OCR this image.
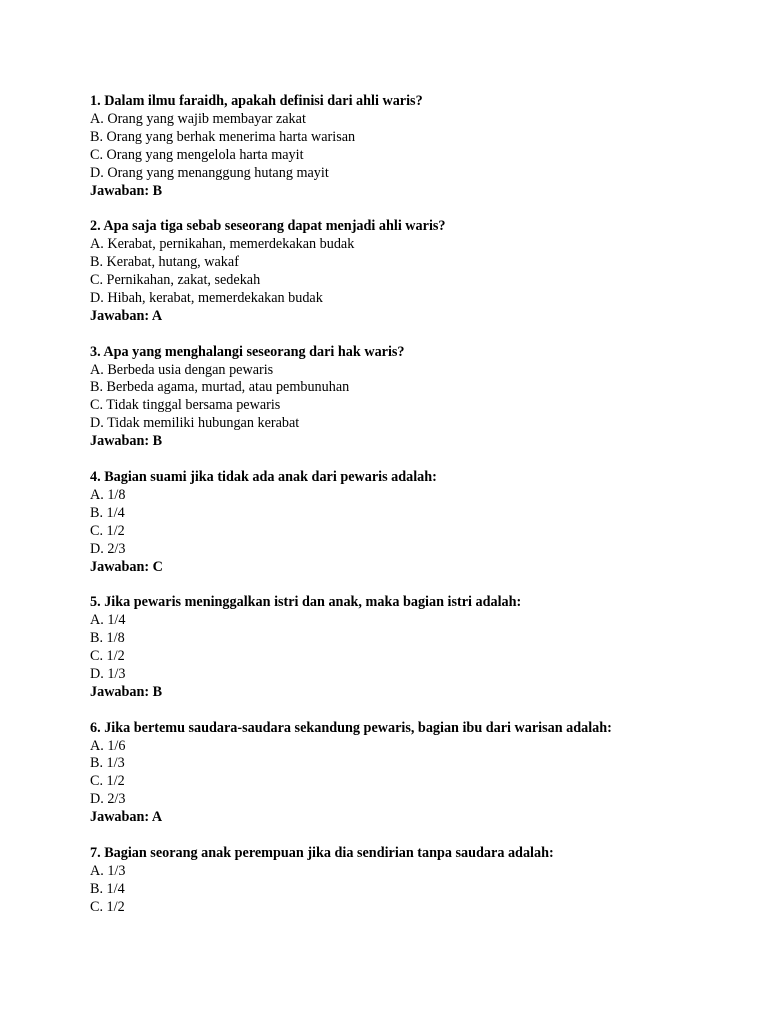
1. Dalam ilmu faraidh, apakah definisi dari ahli waris?
A. Orang yang wajib membayar zakat
B. Orang yang berhak menerima harta warisan
C. Orang yang mengelola harta mayit
D. Orang yang menanggung hutang mayit
Jawaban: B
2. Apa saja tiga sebab seseorang dapat menjadi ahli waris?
A. Kerabat, pernikahan, memerdekakan budak
B. Kerabat, hutang, wakaf
C. Pernikahan, zakat, sedekah
D. Hibah, kerabat, memerdekakan budak
Jawaban: A
3. Apa yang menghalangi seseorang dari hak waris?
A. Berbeda usia dengan pewaris
B. Berbeda agama, murtad, atau pembunuhan
C. Tidak tinggal bersama pewaris
D. Tidak memiliki hubungan kerabat
Jawaban: B
4. Bagian suami jika tidak ada anak dari pewaris adalah:
A. 1/8
B. 1/4
C. 1/2
D. 2/3
Jawaban: C
5. Jika pewaris meninggalkan istri dan anak, maka bagian istri adalah:
A. 1/4
B. 1/8
C. 1/2
D. 1/3
Jawaban: B
6. Jika bertemu saudara-saudara sekandung pewaris, bagian ibu dari warisan adalah:
A. 1/6
B. 1/3
C. 1/2
D. 2/3
Jawaban: A
7. Bagian seorang anak perempuan jika dia sendirian tanpa saudara adalah:
A. 1/3
B. 1/4
C. 1/2
